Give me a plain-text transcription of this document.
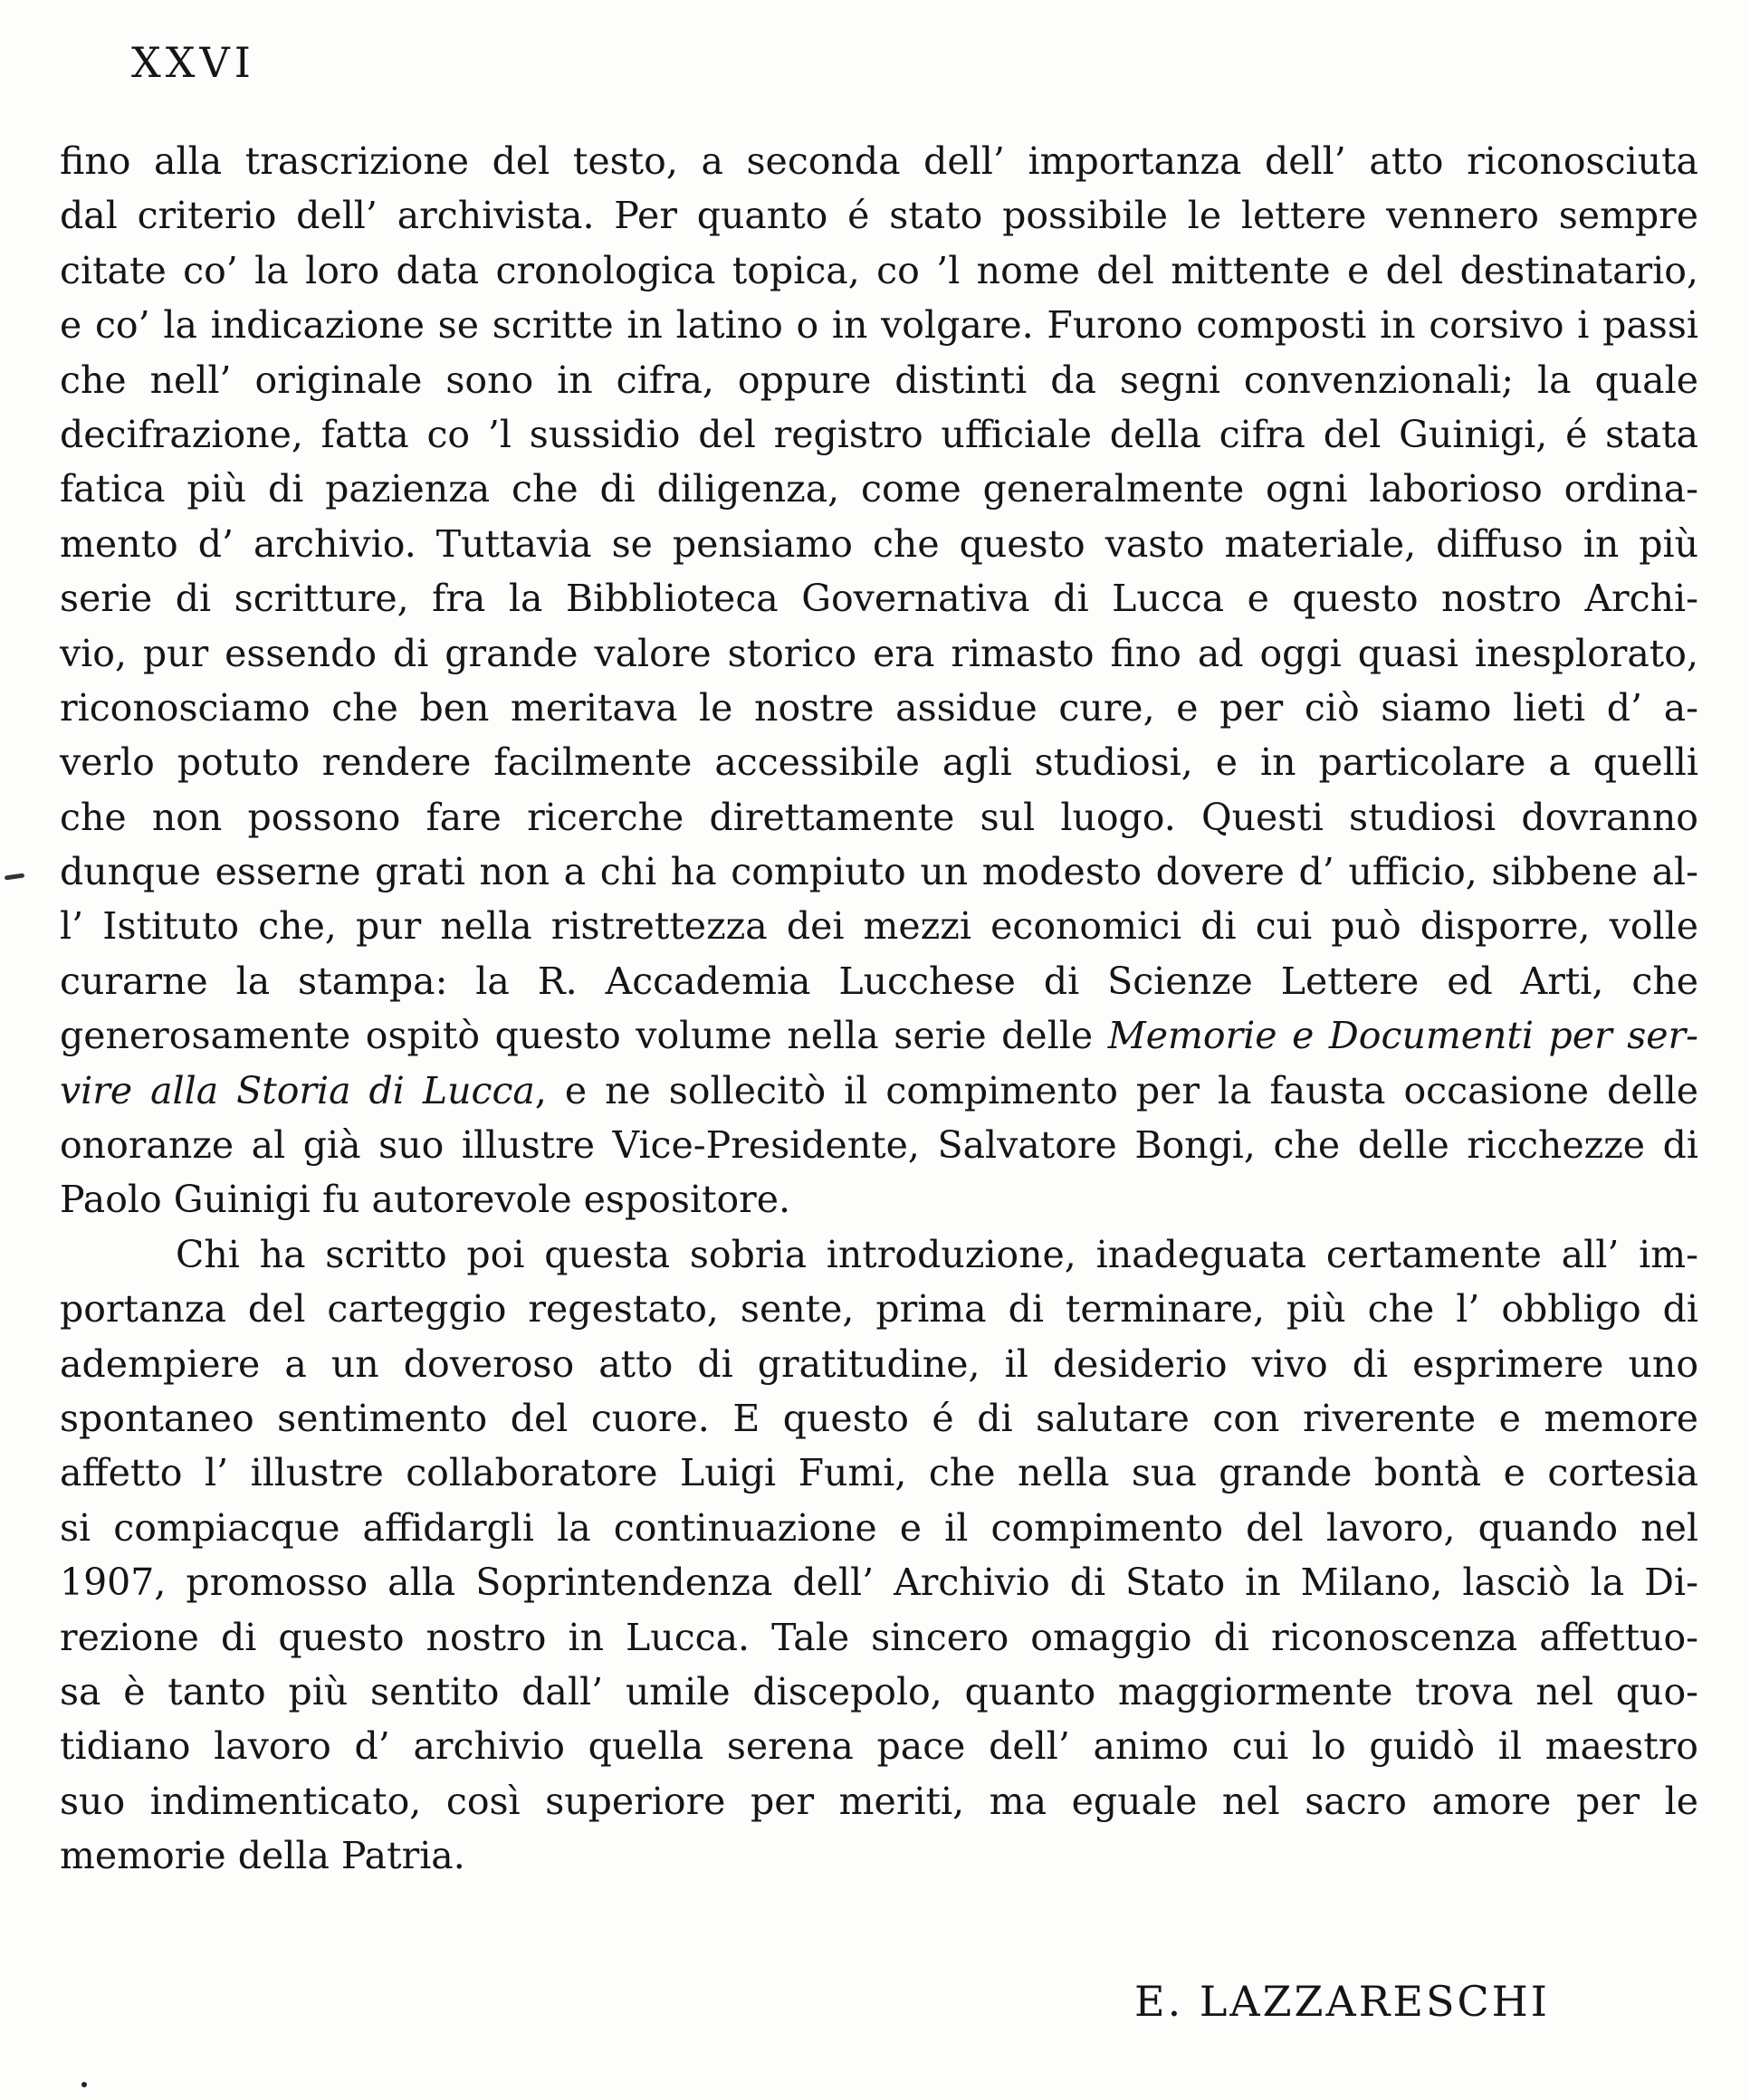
XXVI
fino alla trascrizione del testo, a seconda dell’ importanza dell’ atto riconosciuta
dal criterio dell’ archivista. Per quanto é stato possibile le lettere vennero sempre
citate co’ la loro data cronologica topica, co ’l nome del mittente e del destinatario,
e co’ la indicazione se scritte in latino o in volgare. Furono composti in corsivo i passi
che nell’ originale sono in cifra, oppure distinti da segni convenzionali; la quale
decifrazione, fatta co ’l sussidio del registro ufficiale della cifra del Guinigi, é stata
fatica più di pazienza che di diligenza, come generalmente ogni laborioso ordina-
mento d’ archivio. Tuttavia se pensiamo che questo vasto materiale, diffuso in più
serie di scritture, fra la Bibblioteca Governativa di Lucca e questo nostro Archi-
vio, pur essendo di grande valore storico era rimasto fino ad oggi quasi inesplorato,
riconosciamo che ben meritava le nostre assidue cure, e per ciò siamo lieti d’ a-
verlo potuto rendere facilmente accessibile agli studiosi, e in particolare a quelli
che non possono fare ricerche direttamente sul luogo. Questi studiosi dovranno
dunque esserne grati non a chi ha compiuto un modesto dovere d’ ufficio, sibbene al-
l’ Istituto che, pur nella ristrettezza dei mezzi economici di cui può disporre, volle
curarne la stampa: la R. Accademia Lucchese di Scienze Lettere ed Arti, che
generosamente ospitò questo volume nella serie delle Memorie e Documenti per ser-
vire alla Storia di Lucca, e ne sollecitò il compimento per la fausta occasione delle
onoranze al già suo illustre Vice-Presidente, Salvatore Bongi, che delle ricchezze di
Paolo Guinigi fu autorevole espositore.
Chi ha scritto poi questa sobria introduzione, inadeguata certamente all’ im-
portanza del carteggio regestato, sente, prima di terminare, più che l’ obbligo di
adempiere a un doveroso atto di gratitudine, il desiderio vivo di esprimere uno
spontaneo sentimento del cuore. E questo é di salutare con riverente e memore
affetto l’ illustre collaboratore Luigi Fumi, che nella sua grande bontà e cortesia
si compiacque affidargli la continuazione e il compimento del lavoro, quando nel
1907, promosso alla Soprintendenza dell’ Archivio di Stato in Milano, lasciò la Di-
rezione di questo nostro in Lucca. Tale sincero omaggio di riconoscenza affettuo-
sa è tanto più sentito dall’ umile discepolo, quanto maggiormente trova nel quo-
tidiano lavoro d’ archivio quella serena pace dell’ animo cui lo guidò il maestro
suo indimenticato, così superiore per meriti, ma eguale nel sacro amore per le
memorie della Patria.
E. LAZZARESCHI
